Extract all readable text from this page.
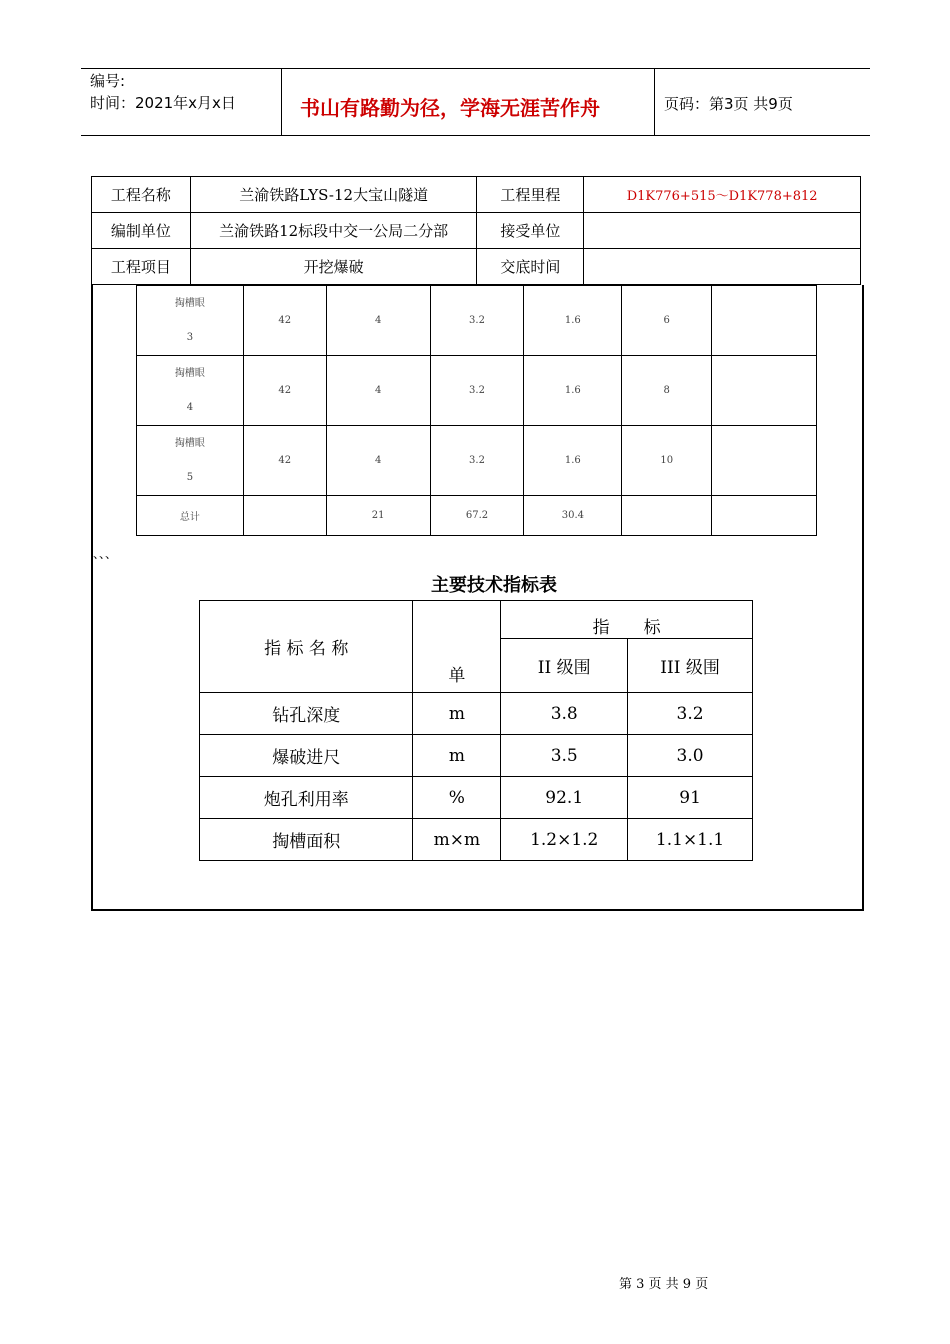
编号:
时间：2021年x月x日	书山有路勤为径，学海无涯苦作舟	页码：第3页 共9页
工程名称	兰渝铁路LYS-12大宝山隧道	工程里程	D1K776+515～D1K778+812
编制单位	兰渝铁路12标段中交一公局二分部	接受单位	
工程项目	开挖爆破	交底时间	
掏槽眼
3	42	4	3.2	1.6	6	

掏槽眼
4	42	4	3.2	1.6	8	

掏槽眼
5	42	4	3.2	1.6	10	
总计		21	67.2	30.4		
、、、
主要技术指标表
指 标 名 称	单	指　　标	
		II 级围	III 级围
钻孔深度	m	3.8	3.2
爆破进尺	m	3.5	3.0
炮孔利用率	%	92.1	91
掏槽面积	m×m	1.2×1.2	1.1×1.1
第 3 页 共 9 页
